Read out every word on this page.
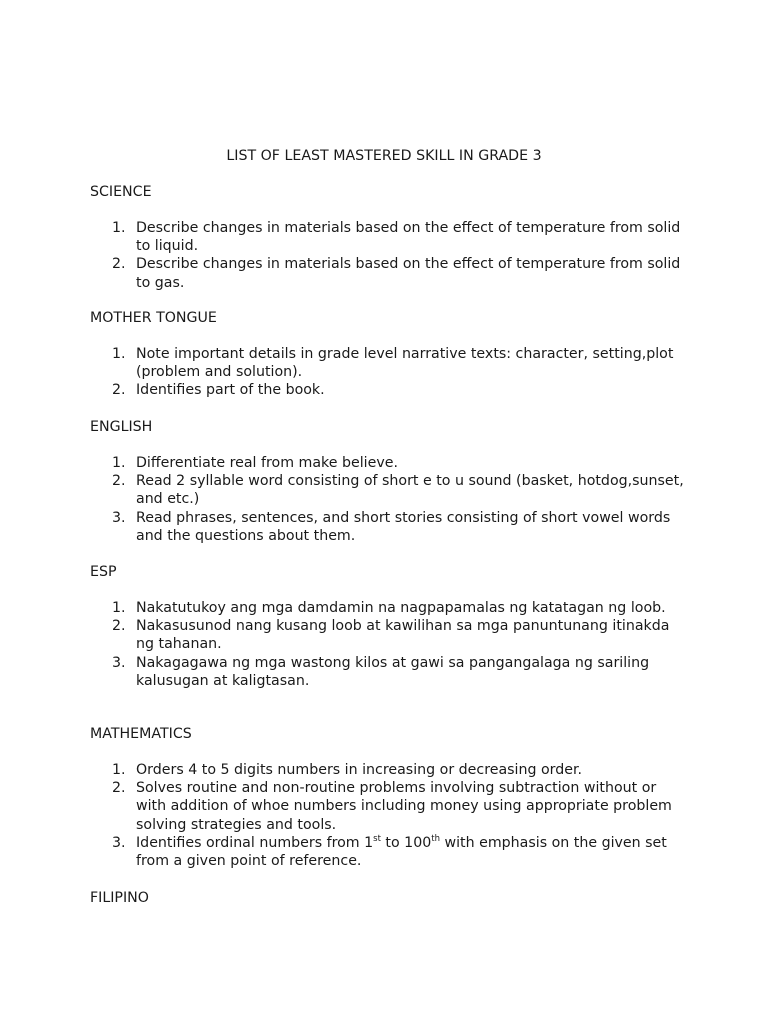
LIST OF LEAST MASTERED SKILL IN GRADE 3
SCIENCE
1. Describe changes in materials based on the effect of temperature from solid to liquid.
2. Describe changes in materials based on the effect of temperature from solid to gas.
MOTHER TONGUE
1. Note important details in grade level narrative texts: character, setting,plot (problem and solution).
2. Identifies part of the book.
ENGLISH
1. Differentiate real from make believe.
2. Read 2 syllable word consisting of short e to u sound (basket, hotdog,sunset, and etc.)
3. Read phrases, sentences, and short stories consisting of short vowel words and the questions about them.
ESP
1. Nakatutukoy ang mga damdamin na nagpapamalas ng katatagan ng loob.
2. Nakasusunod nang kusang loob at kawilihan sa mga panuntunang itinakda ng tahanan.
3. Nakagagawa ng mga wastong kilos at gawi sa pangangalaga ng sariling kalusugan at kaligtasan.
MATHEMATICS
1. Orders 4 to 5 digits numbers in increasing or decreasing order.
2. Solves routine and non-routine problems involving subtraction without or with addition of whoe numbers including money using appropriate problem solving strategies and tools.
3. Identifies ordinal numbers from 1st to 100th with emphasis on the given set from a given point of reference.
FILIPINO
